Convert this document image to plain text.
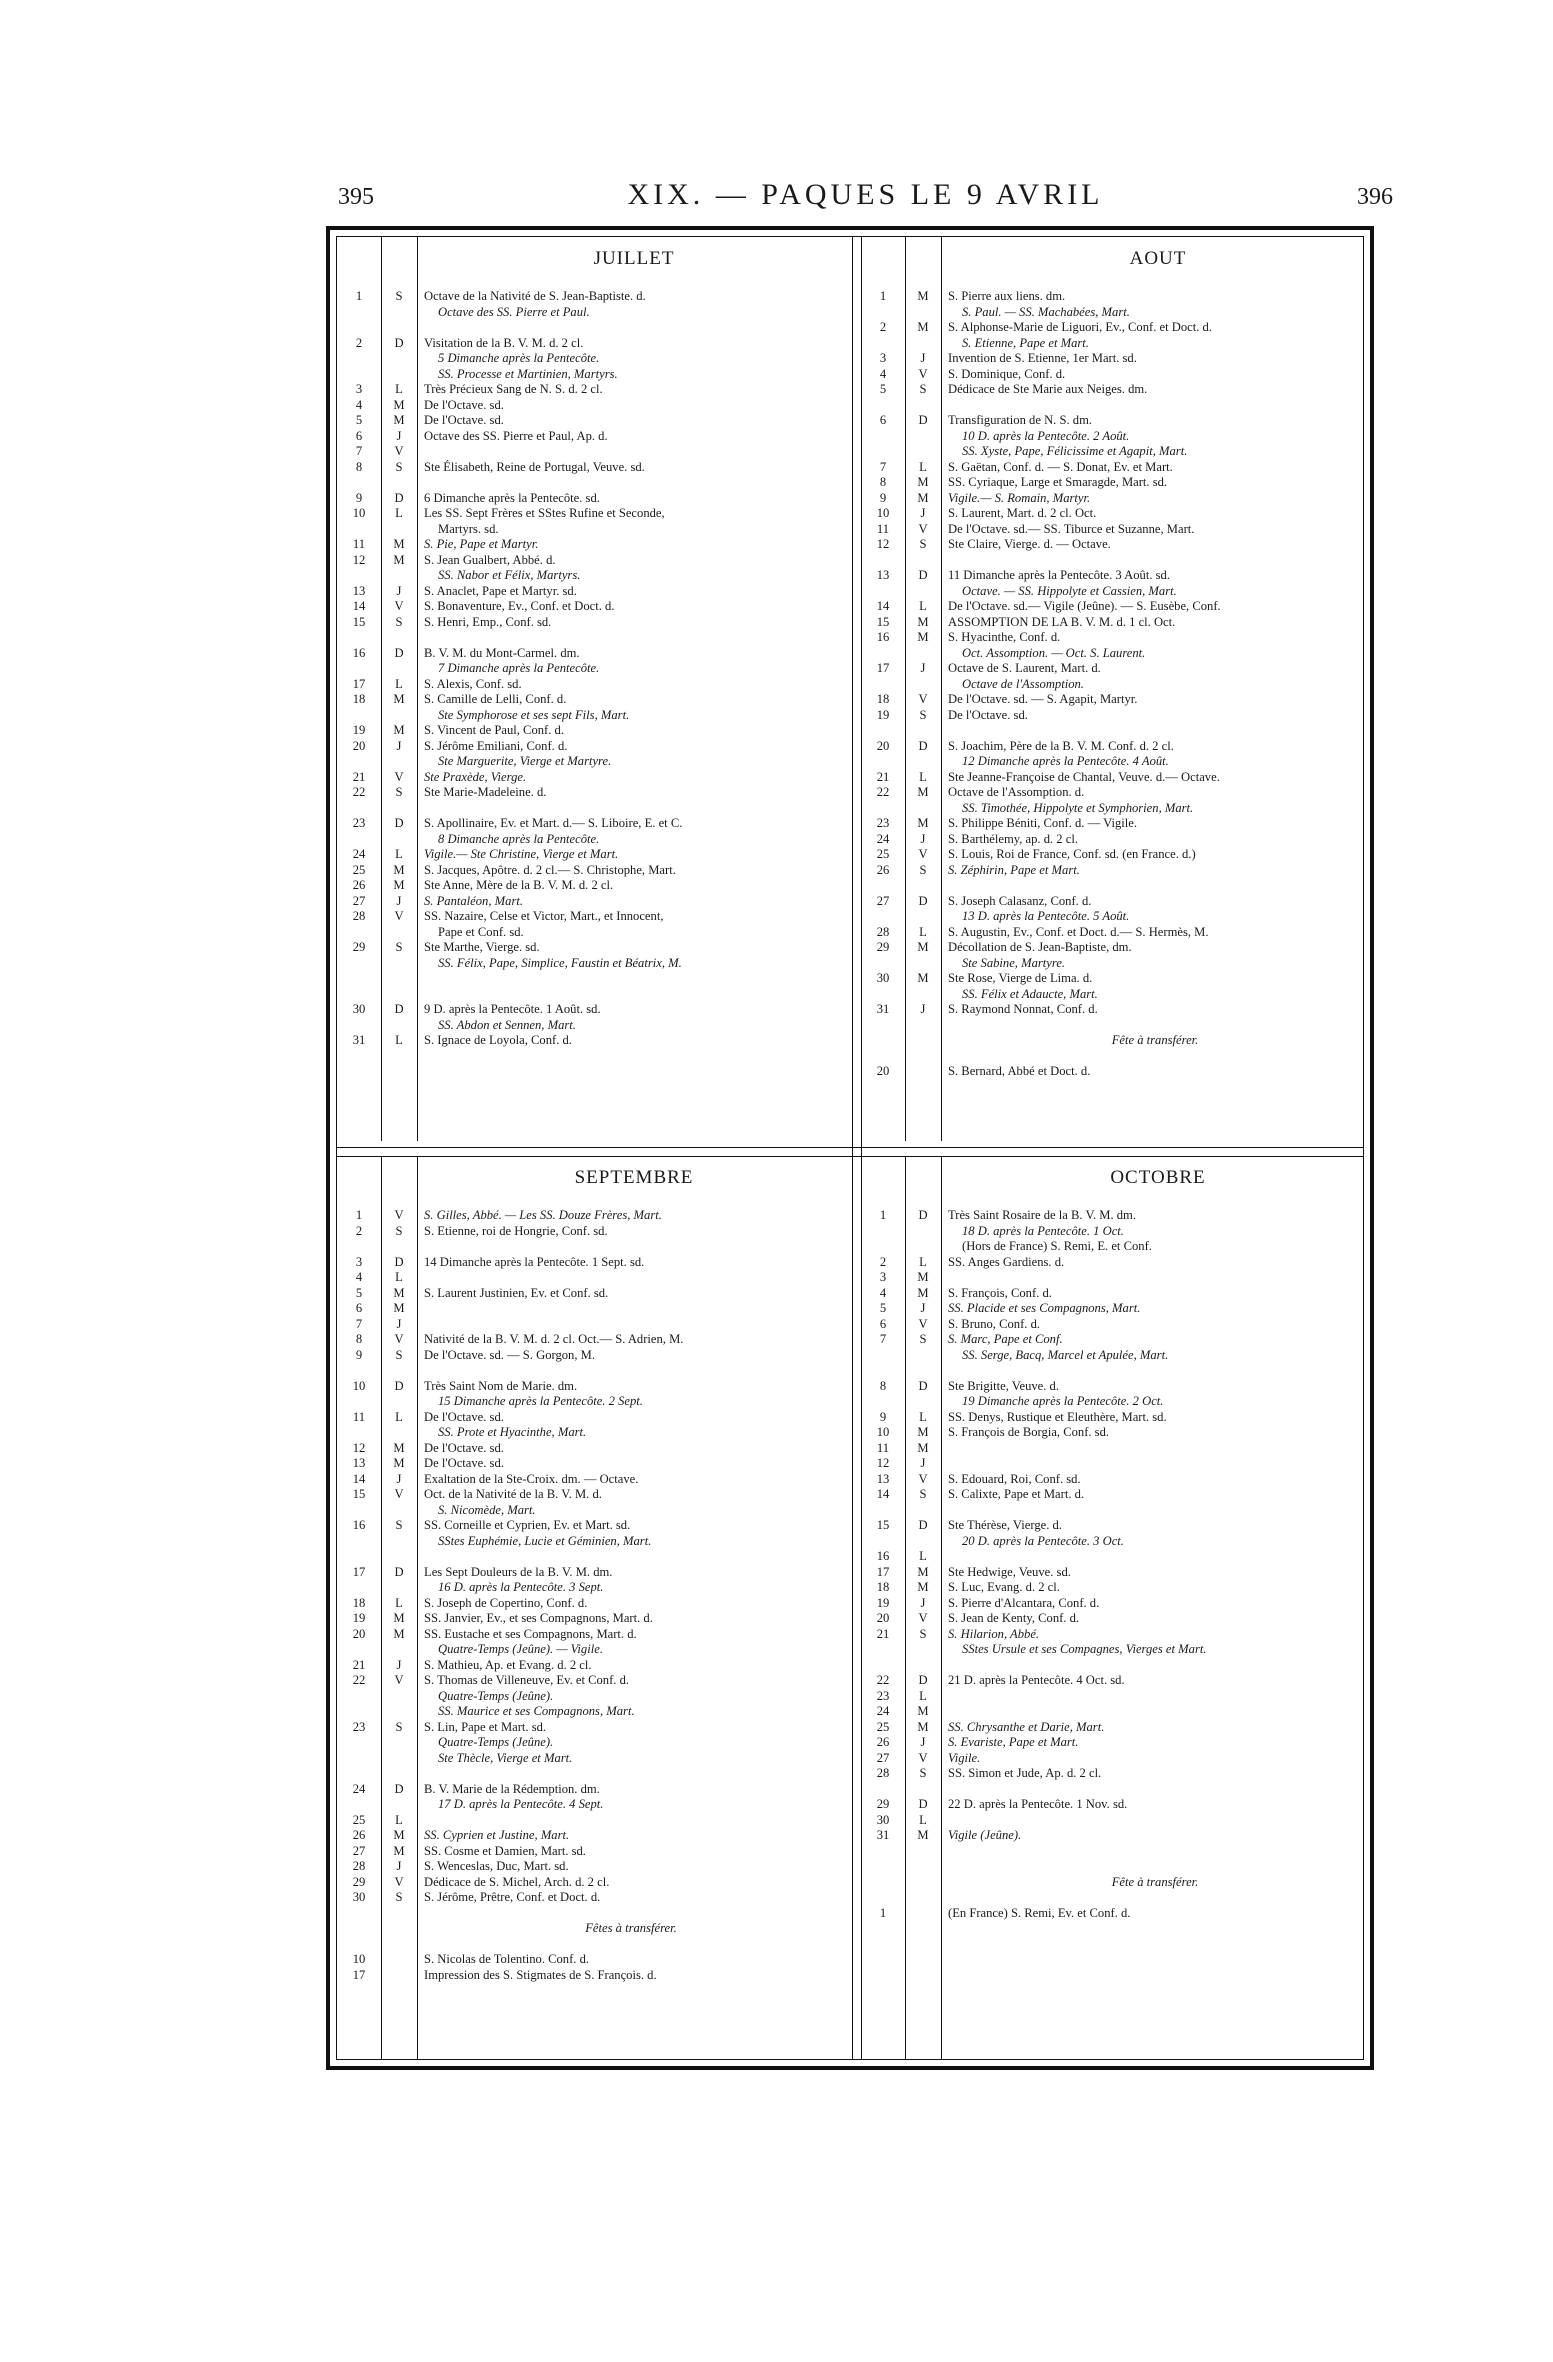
395	XIX. — PAQUES LE 9 AVRIL	396
JUILLET
1	S	Octave de la Nativité de S. Jean-Baptiste. d.
Octave des SS. Pierre et Paul.
2	D	Visitation de la B. V. M. d. 2 cl.
5 Dimanche après la Pentecôte.
SS. Processe et Martinien, Martyrs.
3	L	Très Précieux Sang de N. S. d. 2 cl.
4	M	De l'Octave. sd.
5	M	De l'Octave. sd.
6	J	Octave des SS. Pierre et Paul, Ap. d.
7	V
8	S	Ste Élisabeth, Reine de Portugal, Veuve. sd.
9	D	6 Dimanche après la Pentecôte. sd.
10	L	Les SS. Sept Frères et SStes Rufine et Seconde,
Martyrs. sd.
11	M	S. Pie, Pape et Martyr.
12	M	S. Jean Gualbert, Abbé. d.
SS. Nabor et Félix, Martyrs.
13	J	S. Anaclet, Pape et Martyr. sd.
14	V	S. Bonaventure, Ev., Conf. et Doct. d.
15	S	S. Henri, Emp., Conf. sd.
16	D	B. V. M. du Mont-Carmel. dm.
7 Dimanche après la Pentecôte.
17	L	S. Alexis, Conf. sd.
18	M	S. Camille de Lelli, Conf. d.
Ste Symphorose et ses sept Fils, Mart.
19	M	S. Vincent de Paul, Conf. d.
20	J	S. Jérôme Emiliani, Conf. d.
Ste Marguerite, Vierge et Martyre.
21	V	Ste Praxède, Vierge.
22	S	Ste Marie-Madeleine. d.
23	D	S. Apollinaire, Ev. et Mart. d.— S. Liboire, E. et C.
8 Dimanche après la Pentecôte.
24	L	Vigile.— Ste Christine, Vierge et Mart.
25	M	S. Jacques, Apôtre. d. 2 cl.— S. Christophe, Mart.
26	M	Ste Anne, Mère de la B. V. M. d. 2 cl.
27	J	S. Pantaléon, Mart.
28	V	SS. Nazaire, Celse et Victor, Mart., et Innocent,
Pape et Conf. sd.
29	S	Ste Marthe, Vierge. sd.
SS. Félix, Pape, Simplice, Faustin et Béatrix, M.
30	D	9 D. après la Pentecôte. 1 Août. sd.
SS. Abdon et Sennen, Mart.
31	L	S. Ignace de Loyola, Conf. d.
AOUT
1	M	S. Pierre aux liens. dm.
S. Paul. — SS. Machabées, Mart.
2	M	S. Alphonse-Marie de Liguori, Ev., Conf. et Doct. d.
S. Etienne, Pape et Mart.
3	J	Invention de S. Etienne, 1er Mart. sd.
4	V	S. Dominique, Conf. d.
5	S	Dédicace de Ste Marie aux Neiges. dm.
6	D	Transfiguration de N. S. dm.
10 D. après la Pentecôte. 2 Août.
SS. Xyste, Pape, Félicissime et Agapit, Mart.
7	L	S. Gaëtan, Conf. d. — S. Donat, Ev. et Mart.
8	M	SS. Cyriaque, Large et Smaragde, Mart. sd.
9	M	Vigile.— S. Romain, Martyr.
10	J	S. Laurent, Mart. d. 2 cl. Oct.
11	V	De l'Octave. sd.— SS. Tiburce et Suzanne, Mart.
12	S	Ste Claire, Vierge. d. — Octave.
13	D	11 Dimanche après la Pentecôte. 3 Août. sd.
Octave. — SS. Hippolyte et Cassien, Mart.
14	L	De l'Octave. sd.— Vigile (Jeûne). — S. Eusèbe, Conf.
15	M	ASSOMPTION DE LA B. V. M. d. 1 cl. Oct.
16	M	S. Hyacinthe, Conf. d.
Oct. Assomption. — Oct. S. Laurent.
17	J	Octave de S. Laurent, Mart. d.
Octave de l'Assomption.
18	V	De l'Octave. sd. — S. Agapit, Martyr.
19	S	De l'Octave. sd.
20	D	S. Joachim, Père de la B. V. M. Conf. d. 2 cl.
12 Dimanche après la Pentecôte. 4 Août.
21	L	Ste Jeanne-Françoise de Chantal, Veuve. d.— Octave.
22	M	Octave de l'Assomption. d.
SS. Timothée, Hippolyte et Symphorien, Mart.
23	M	S. Philippe Béniti, Conf. d. — Vigile.
24	J	S. Barthélemy, ap. d. 2 cl.
25	V	S. Louis, Roi de France, Conf. sd. (en France. d.)
26	S	S. Zéphirin, Pape et Mart.
27	D	S. Joseph Calasanz, Conf. d.
13 D. après la Pentecôte. 5 Août.
28	L	S. Augustin, Ev., Conf. et Doct. d.— S. Hermès, M.
29	M	Décollation de S. Jean-Baptiste, dm.
Ste Sabine, Martyre.
30	M	Ste Rose, Vierge de Lima. d.
SS. Félix et Adaucte, Mart.
31	J	S. Raymond Nonnat, Conf. d.
Fête à transférer.
20	S. Bernard, Abbé et Doct. d.
SEPTEMBRE
1	V	S. Gilles, Abbé. — Les SS. Douze Frères, Mart.
2	S	S. Etienne, roi de Hongrie, Conf. sd.
3	D	14 Dimanche après la Pentecôte. 1 Sept. sd.
4	L
5	M	S. Laurent Justinien, Ev. et Conf. sd.
6	M
7	J
8	V	Nativité de la B. V. M. d. 2 cl. Oct.— S. Adrien, M.
9	S	De l'Octave. sd. — S. Gorgon, M.
10	D	Très Saint Nom de Marie. dm.
15 Dimanche après la Pentecôte. 2 Sept.
11	L	De l'Octave. sd.
SS. Prote et Hyacinthe, Mart.
12	M	De l'Octave. sd.
13	M	De l'Octave. sd.
14	J	Exaltation de la Ste-Croix. dm. — Octave.
15	V	Oct. de la Nativité de la B. V. M. d.
S. Nicomède, Mart.
16	S	SS. Corneille et Cyprien, Ev. et Mart. sd.
SStes Euphémie, Lucie et Géminien, Mart.
17	D	Les Sept Douleurs de la B. V. M. dm.
16 D. après la Pentecôte. 3 Sept.
18	L	S. Joseph de Copertino, Conf. d.
19	M	SS. Janvier, Ev., et ses Compagnons, Mart. d.
20	M	SS. Eustache et ses Compagnons, Mart. d.
Quatre-Temps (Jeûne). — Vigile.
21	J	S. Mathieu, Ap. et Evang. d. 2 cl.
22	V	S. Thomas de Villeneuve, Ev. et Conf. d.
Quatre-Temps (Jeûne).
SS. Maurice et ses Compagnons, Mart.
23	S	S. Lin, Pape et Mart. sd.
Quatre-Temps (Jeûne).
Ste Thècle, Vierge et Mart.
24	D	B. V. Marie de la Rédemption. dm.
17 D. après la Pentecôte. 4 Sept.
25	L
26	M	SS. Cyprien et Justine, Mart.
27	M	SS. Cosme et Damien, Mart. sd.
28	J	S. Wenceslas, Duc, Mart. sd.
29	V	Dédicace de S. Michel, Arch. d. 2 cl.
30	S	S. Jérôme, Prêtre, Conf. et Doct. d.
Fêtes à transférer.
10	S. Nicolas de Tolentino. Conf. d.
17	Impression des S. Stigmates de S. François. d.
OCTOBRE
1	D	Très Saint Rosaire de la B. V. M. dm.
18 D. après la Pentecôte. 1 Oct.
(Hors de France) S. Remi, E. et Conf.
2	L	SS. Anges Gardiens. d.
3	M
4	M	S. François, Conf. d.
5	J	SS. Placide et ses Compagnons, Mart.
6	V	S. Bruno, Conf. d.
7	S	S. Marc, Pape et Conf.
SS. Serge, Bacq, Marcel et Apulée, Mart.
8	D	Ste Brigitte, Veuve. d.
19 Dimanche après la Pentecôte. 2 Oct.
9	L	SS. Denys, Rustique et Eleuthère, Mart. sd.
10	M	S. François de Borgia, Conf. sd.
11	M
12	J
13	V	S. Edouard, Roi, Conf. sd.
14	S	S. Calixte, Pape et Mart. d.
15	D	Ste Thérèse, Vierge. d.
20 D. après la Pentecôte. 3 Oct.
16	L
17	M	Ste Hedwige, Veuve. sd.
18	M	S. Luc, Evang. d. 2 cl.
19	J	S. Pierre d'Alcantara, Conf. d.
20	V	S. Jean de Kenty, Conf. d.
21	S	S. Hilarion, Abbé.
SStes Ursule et ses Compagnes, Vierges et Mart.
22	D	21 D. après la Pentecôte. 4 Oct. sd.
23	L
24	M
25	M	SS. Chrysanthe et Darie, Mart.
26	J	S. Evariste, Pape et Mart.
27	V	Vigile.
28	S	SS. Simon et Jude, Ap. d. 2 cl.
29	D	22 D. après la Pentecôte. 1 Nov. sd.
30	L
31	M	Vigile (Jeûne).
Fête à transférer.
1	(En France) S. Remi, Ev. et Conf. d.
